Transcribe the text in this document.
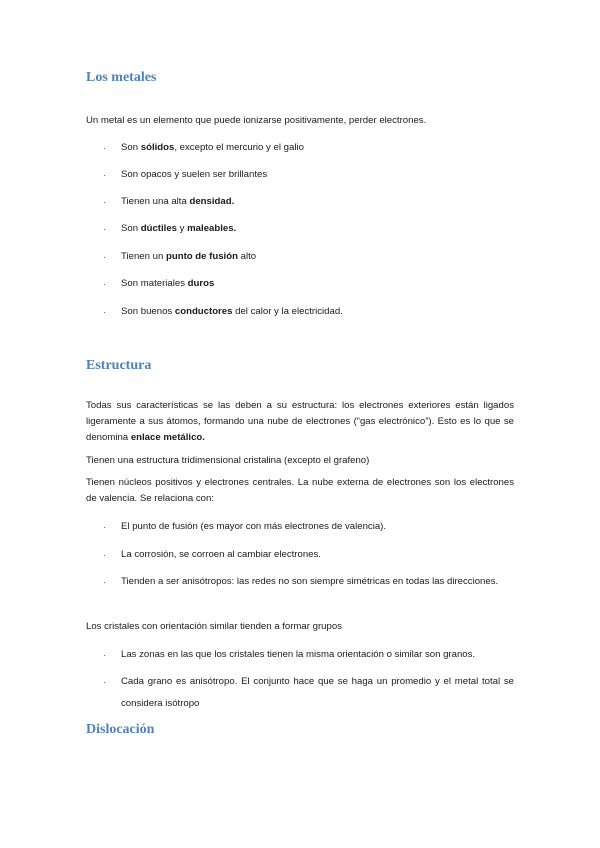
Los metales

Un metal es un elemento que puede ionizarse positivamente, perder electrones.

· Son sólidos, excepto el mercurio y el galio
· Son opacos y suelen ser brillantes
· Tienen una alta densidad.
· Son dúctiles y maleables.
· Tienen un punto de fusión alto
· Son materiales duros
· Son buenos conductores del calor y la electricidad.
Estructura

Todas sus características se las deben a su estructura: los electrones exteriores están ligados ligeramente a sus átomos, formando una nube de electrones (“gas electrónico”). Esto es lo que se denomina enlace metálico.

Tienen una estructura tridimensional cristalina (excepto el grafeno)

Tienen núcleos positivos y electrones centrales. La nube externa de electrones son los electrones de valencia. Se relaciona con:

· El punto de fusión (es mayor con más electrones de valencia).
· La corrosión, se corroen al cambiar electrones.
· Tienden a ser anisótropos: las redes no son siempre simétricas en todas las direcciones.

Los cristales con orientación similar tienden a formar grupos

· Las zonas en las que los cristales tienen la misma orientación o similar son granos.
· Cada grano es anisótropo. El conjunto hace que se haga un promedio y el metal total se considera isótropo
Dislocación
